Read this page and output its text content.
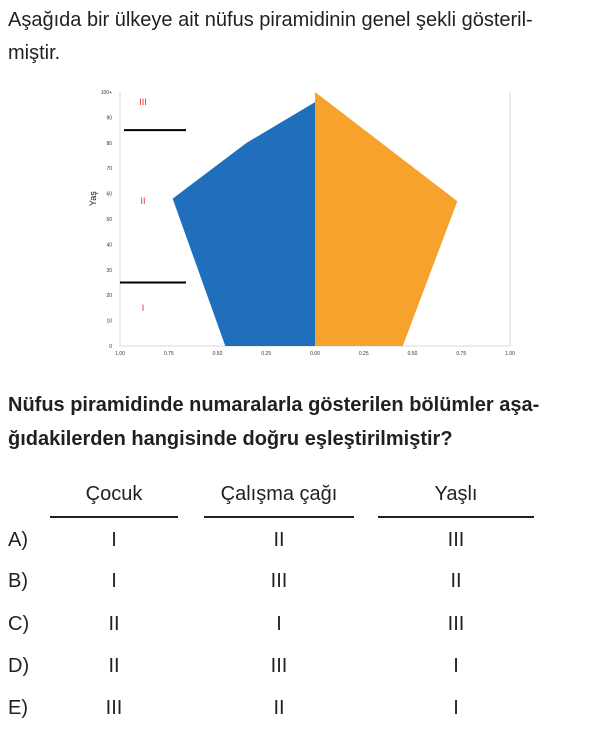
Aşağıda bir ülkeye ait nüfus piramidinin genel şekli gösteril-
miştir.

100+
90
80
70
60
50
40
30
20
10
0
1.00	0.75	0.50	0.25	0.00	0.25	0.50	0.75	1.00
Yaş
III
II
I

Nüfus piramidinde numaralarla gösterilen bölümler aşa-
ğıdakilerden hangisinde doğru eşleştirilmiştir?

Çocuk	Çalışma çağı	Yaşlı
A)	I	II	III
B)	I	III	II
C)	II	I	III
D)	II	III	I
E)	III	II	I
